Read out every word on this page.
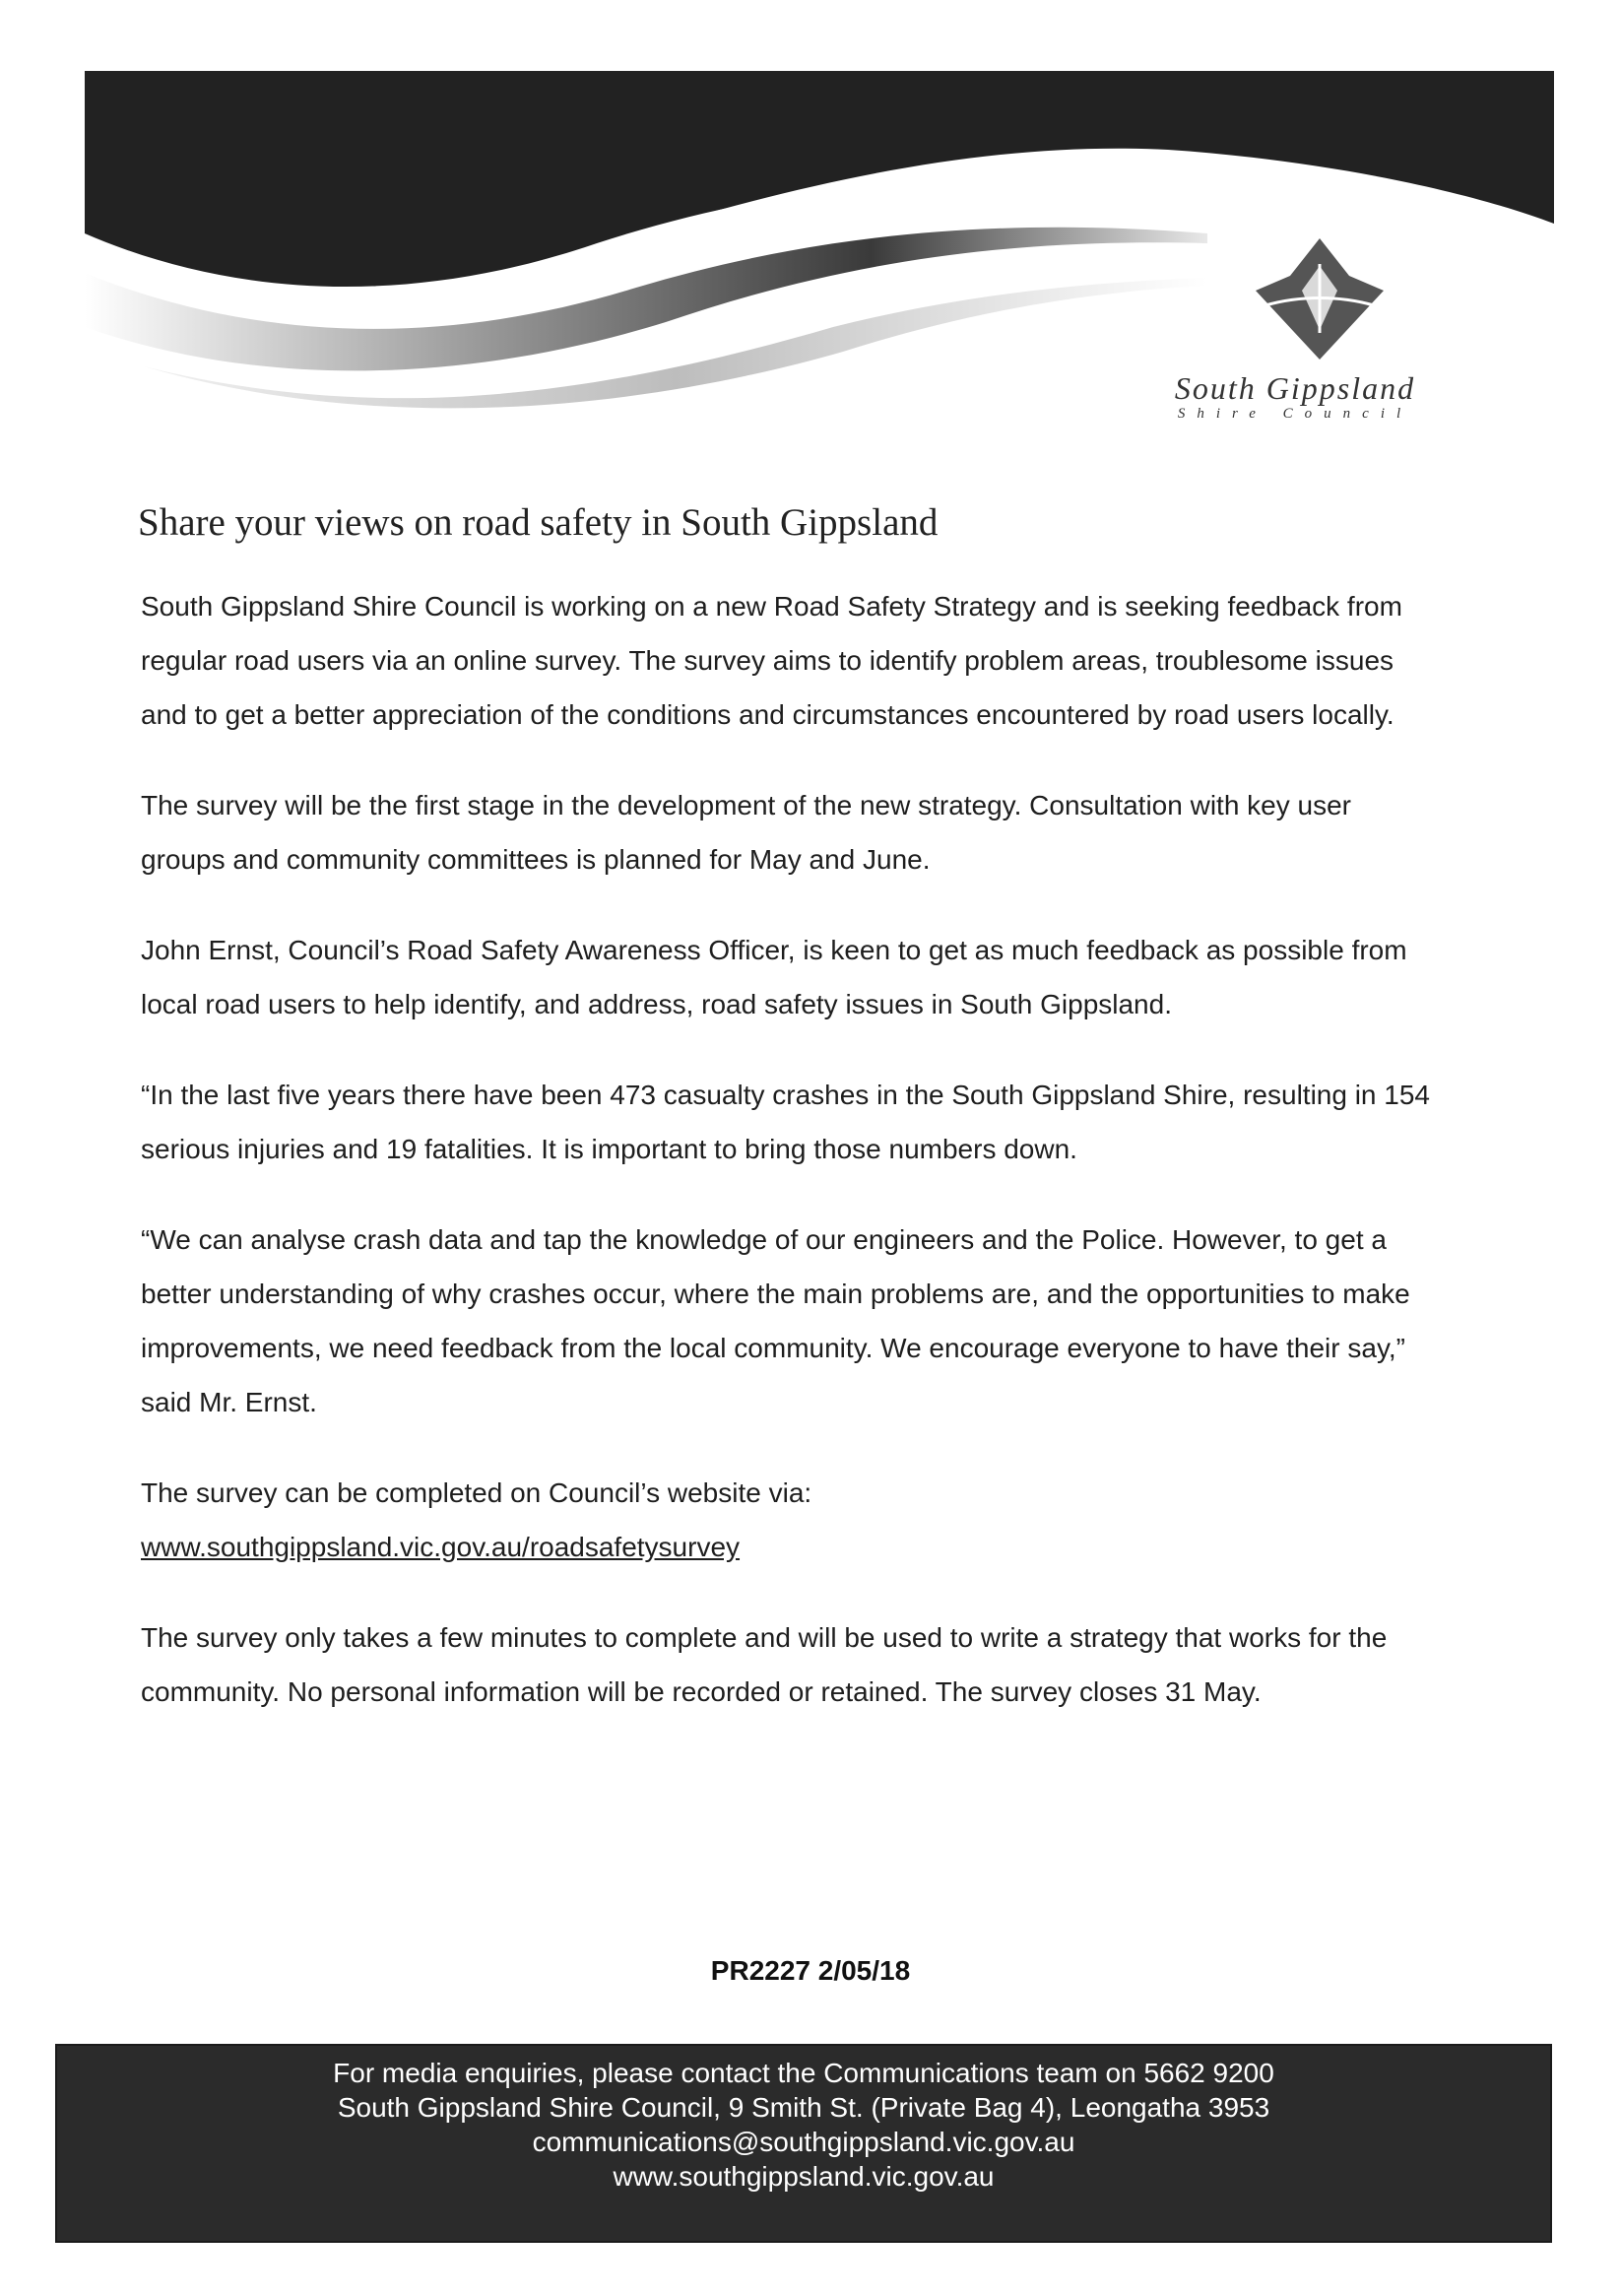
South Gippsland
Shire Council
Share your views on road safety in South Gippsland

South Gippsland Shire Council is working on a new Road Safety Strategy and is seeking feedback from regular road users via an online survey. The survey aims to identify problem areas, troublesome issues and to get a better appreciation of the conditions and circumstances encountered by road users locally.

The survey will be the first stage in the development of the new strategy. Consultation with key user groups and community committees is planned for May and June.

John Ernst, Council’s Road Safety Awareness Officer, is keen to get as much feedback as possible from local road users to help identify, and address, road safety issues in South Gippsland.

“In the last five years there have been 473 casualty crashes in the South Gippsland Shire, resulting in 154 serious injuries and 19 fatalities. It is important to bring those numbers down.

“We can analyse crash data and tap the knowledge of our engineers and the Police. However, to get a better understanding of why crashes occur, where the main problems are, and the opportunities to make improvements, we need feedback from the local community. We encourage everyone to have their say,” said Mr. Ernst.

The survey can be completed on Council’s website via:
www.southgippsland.vic.gov.au/roadsafetysurvey

The survey only takes a few minutes to complete and will be used to write a strategy that works for the community. No personal information will be recorded or retained. The survey closes 31 May.

PR2227 2/05/18
For media enquiries, please contact the Communications team on 5662 9200
South Gippsland Shire Council, 9 Smith St. (Private Bag 4), Leongatha 3953
communications@southgippsland.vic.gov.au
www.southgippsland.vic.gov.au
